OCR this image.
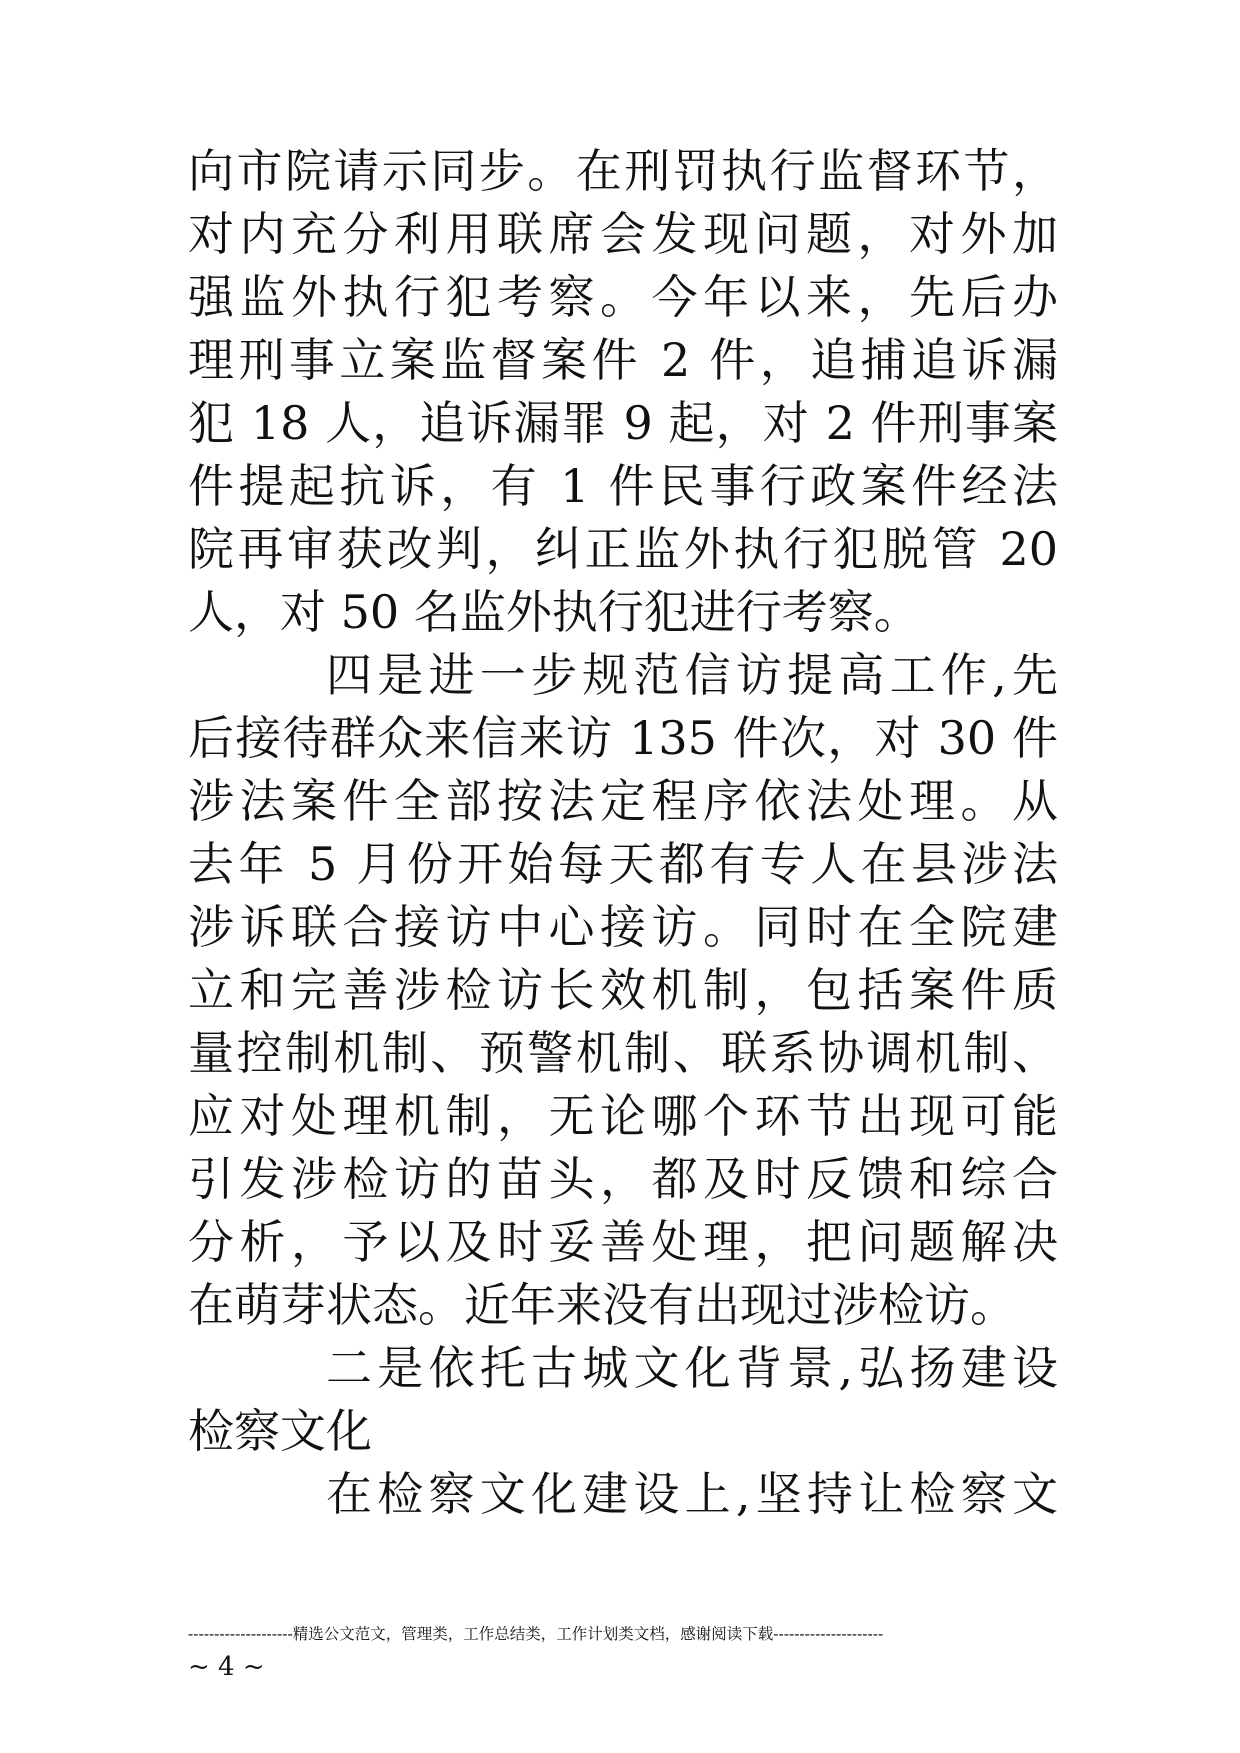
向市院请示同步。在刑罚执行监督环节，
对内充分利用联席会发现问题，对外加
强监外执行犯考察。今年以来，先后办
理刑事立案监督案件 2 件，追捕追诉漏
犯 18 人，追诉漏罪 9 起，对 2 件刑事案
件提起抗诉，有 1 件民事行政案件经法
院再审获改判，纠正监外执行犯脱管 20
人，对 50 名监外执行犯进行考察。
四是进一步规范信访提高工作,先
后接待群众来信来访 135 件次，对 30 件
涉法案件全部按法定程序依法处理。从
去年 5 月份开始每天都有专人在县涉法
涉诉联合接访中心接访。同时在全院建
立和完善涉检访长效机制，包括案件质
量控制机制、预警机制、联系协调机制、
应对处理机制，无论哪个环节出现可能
引发涉检访的苗头，都及时反馈和综合
分析，予以及时妥善处理，把问题解决
在萌芽状态。近年来没有出现过涉检访。
二是依托古城文化背景,弘扬建设
检察文化
在检察文化建设上,坚持让检察文
--------------------精选公文范文，管理类，工作总结类，工作计划类文档，感谢阅读下载---------------------
~ 4 ~
